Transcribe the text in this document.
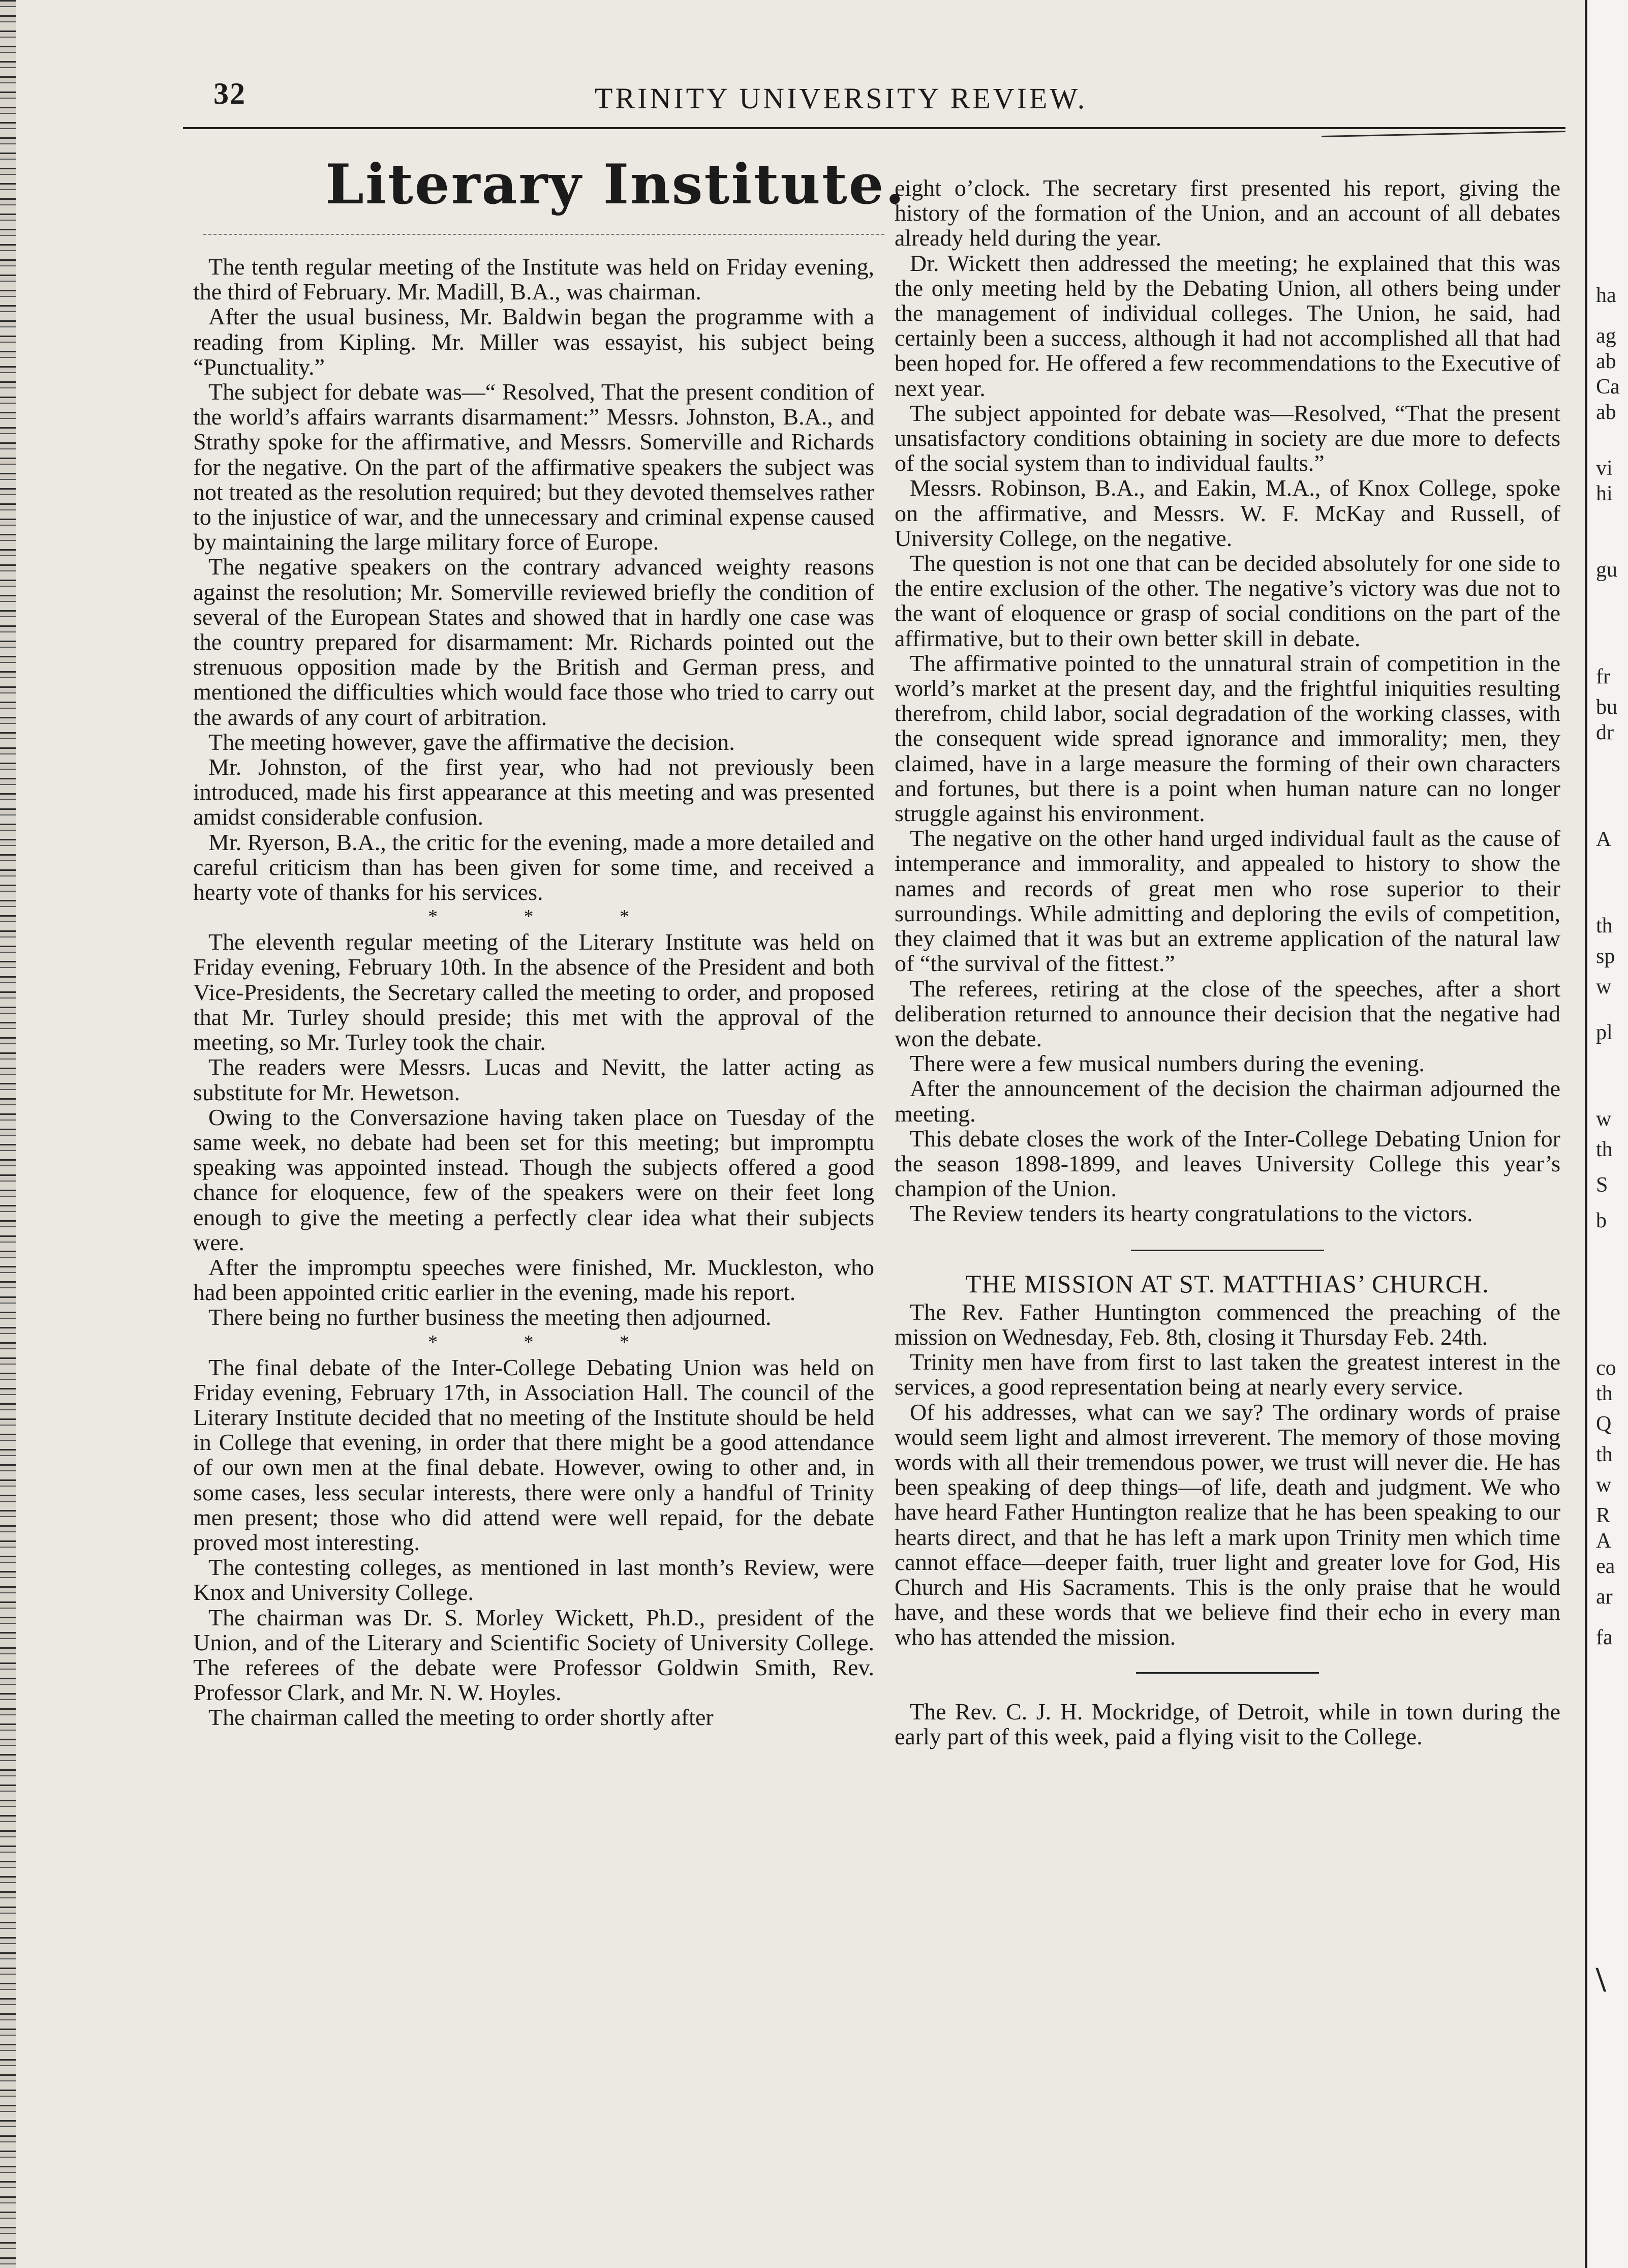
ha
ag
ab
Ca
ab
vi
hi
gu
fr
bu
dr
A
th
sp
w
pl
w
th
S
b
co
th
Q
th
w
R
A
ea
ar
fa
\
32	TRINITY UNIVERSITY REVIEW.
Literary Institute.

The tenth regular meeting of the Institute was held on Friday evening, the third of February. Mr. Madill, B.A., was chairman.

After the usual business, Mr. Baldwin began the programme with a reading from Kipling. Mr. Miller was essayist, his subject being “Punctuality.”

The subject for debate was—“ Resolved, That the present condition of the world’s affairs warrants disarmament:” Messrs. Johnston, B.A., and Strathy spoke for the affirmative, and Messrs. Somerville and Richards for the negative. On the part of the affirmative speakers the subject was not treated as the resolution required; but they devoted themselves rather to the injustice of war, and the unnecessary and criminal expense caused by maintaining the large military force of Europe.

The negative speakers on the contrary advanced weighty reasons against the resolution; Mr. Somerville reviewed briefly the condition of several of the European States and showed that in hardly one case was the country prepared for disarmament: Mr. Richards pointed out the strenuous opposition made by the British and German press, and mentioned the difficulties which would face those who tried to carry out the awards of any court of arbitration.

The meeting however, gave the affirmative the decision.

Mr. Johnston, of the first year, who had not previously been introduced, made his first appearance at this meeting and was presented amidst considerable confusion.

Mr. Ryerson, B.A., the critic for the evening, made a more detailed and careful criticism than has been given for some time, and received a hearty vote of thanks for his services.

* * *

The eleventh regular meeting of the Literary Institute was held on Friday evening, February 10th. In the absence of the President and both Vice-Presidents, the Secretary called the meeting to order, and proposed that Mr. Turley should preside; this met with the approval of the meeting, so Mr. Turley took the chair.

The readers were Messrs. Lucas and Nevitt, the latter acting as substitute for Mr. Hewetson.

Owing to the Conversazione having taken place on Tuesday of the same week, no debate had been set for this meeting; but impromptu speaking was appointed instead. Though the subjects offered a good chance for eloquence, few of the speakers were on their feet long enough to give the meeting a perfectly clear idea what their subjects were.

After the impromptu speeches were finished, Mr. Muckleston, who had been appointed critic earlier in the evening, made his report.

There being no further business the meeting then adjourned.

* * *

The final debate of the Inter-College Debating Union was held on Friday evening, February 17th, in Association Hall. The council of the Literary Institute decided that no meeting of the Institute should be held in College that evening, in order that there might be a good attendance of our own men at the final debate. However, owing to other and, in some cases, less secular interests, there were only a handful of Trinity men present; those who did attend were well repaid, for the debate proved most interesting.

The contesting colleges, as mentioned in last month’s Review, were Knox and University College.

The chairman was Dr. S. Morley Wickett, Ph.D., president of the Union, and of the Literary and Scientific Society of University College. The referees of the debate were Professor Goldwin Smith, Rev. Professor Clark, and Mr. N. W. Hoyles.

The chairman called the meeting to order shortly after

eight o’clock. The secretary first presented his report, giving the history of the formation of the Union, and an account of all debates already held during the year.

Dr. Wickett then addressed the meeting; he explained that this was the only meeting held by the Debating Union, all others being under the management of individual colleges. The Union, he said, had certainly been a success, although it had not accomplished all that had been hoped for. He offered a few recommendations to the Executive of next year.

The subject appointed for debate was—Resolved, “That the present unsatisfactory conditions obtaining in society are due more to defects of the social system than to individual faults.”

Messrs. Robinson, B.A., and Eakin, M.A., of Knox College, spoke on the affirmative, and Messrs. W. F. McKay and Russell, of University College, on the negative.

The question is not one that can be decided absolutely for one side to the entire exclusion of the other. The negative’s victory was due not to the want of eloquence or grasp of social conditions on the part of the affirmative, but to their own better skill in debate.

The affirmative pointed to the unnatural strain of competition in the world’s market at the present day, and the frightful iniquities resulting therefrom, child labor, social degradation of the working classes, with the consequent wide spread ignorance and immorality; men, they claimed, have in a large measure the forming of their own characters and fortunes, but there is a point when human nature can no longer struggle against his environment.

The negative on the other hand urged individual fault as the cause of intemperance and immorality, and appealed to history to show the names and records of great men who rose superior to their surroundings. While admitting and deploring the evils of competition, they claimed that it was but an extreme application of the natural law of “the survival of the fittest.”

The referees, retiring at the close of the speeches, after a short deliberation returned to announce their decision that the negative had won the debate.

There were a few musical numbers during the evening.

After the announcement of the decision the chairman adjourned the meeting.

This debate closes the work of the Inter-College Debating Union for the season 1898-1899, and leaves University College this year’s champion of the Union.

The Review tenders its hearty congratulations to the victors.

THE MISSION AT ST. MATTHIAS’ CHURCH.

The Rev. Father Huntington commenced the preaching of the mission on Wednesday, Feb. 8th, closing it Thursday Feb. 24th.

Trinity men have from first to last taken the greatest interest in the services, a good representation being at nearly every service.

Of his addresses, what can we say? The ordinary words of praise would seem light and almost irreverent. The memory of those moving words with all their tremendous power, we trust will never die. He has been speaking of deep things—of life, death and judgment. We who have heard Father Huntington realize that he has been speaking to our hearts direct, and that he has left a mark upon Trinity men which time cannot efface—deeper faith, truer light and greater love for God, His Church and His Sacraments. This is the only praise that he would have, and these words that we believe find their echo in every man who has attended the mission.

The Rev. C. J. H. Mockridge, of Detroit, while in town during the early part of this week, paid a flying visit to the College.
